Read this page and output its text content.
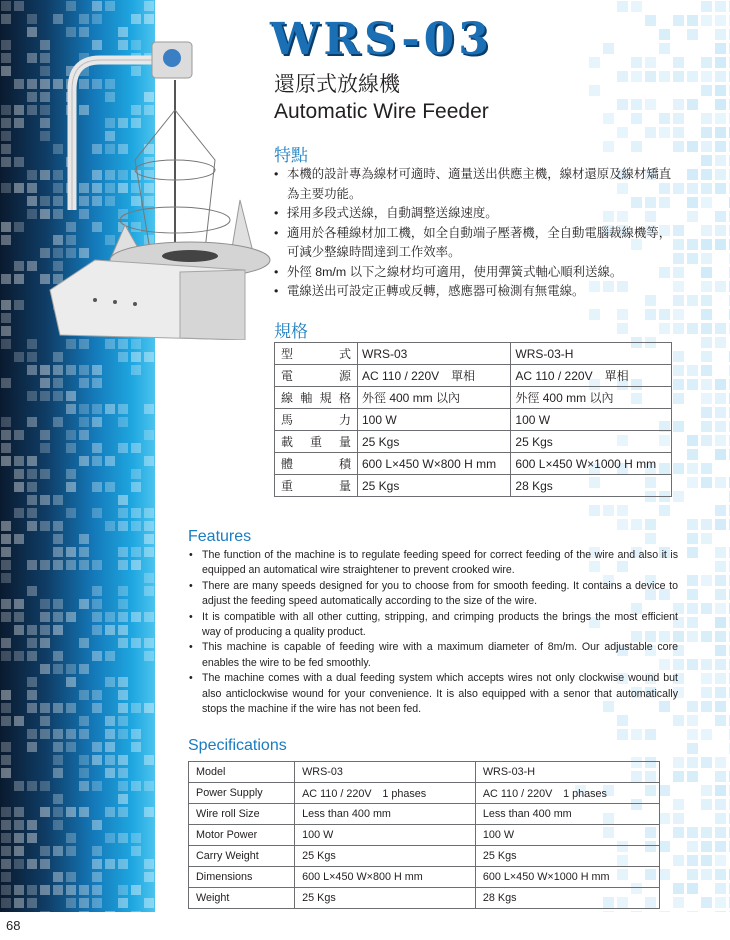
WRS-03
還原式放線機
Automatic Wire Feeder
特點
• 本機的設計專為線材可適時、適量送出供應主機，線材還原及線材矯直為主要功能。
• 採用多段式送線，自動調整送線速度。
• 適用於各種線材加工機，如全自動端子壓著機，全自動電腦裁線機等，可減少整線時間達到工作效率。
• 外徑 8m/m 以下之線材均可適用，使用彈簧式軸心順利送線。
• 電線送出可設定正轉或反轉，感應器可檢測有無電線。
規格
型式	WRS-03	WRS-03-H
電源	AC 110 / 220V　單相	AC 110 / 220V　單相
線軸規格	外徑 400 mm 以內	外徑 400 mm 以內
馬力	100 W	100 W
載重量	25 Kgs	25 Kgs
體積	600 L×450 W×800 H mm	600 L×450 W×1000 H mm
重量	25 Kgs	28 Kgs
Features
• The function of the machine is to regulate feeding speed for correct feeding of the wire and also it is equipped an automatical wire straightener to prevent crooked wire.
• There are many speeds designed for you to choose from for smooth feeding. It contains a device to adjust the feeding speed automatically according to the size of the wire.
• It is compatible with all other cutting, stripping, and crimping products the brings the most efficient way of producing a quality product.
• This machine is capable of feeding wire with a maximum diameter of 8m/m. Our adjustable core enables the wire to be fed smoothly.
• The machine comes with a dual feeding system which accepts wires not only clockwise wound but also anticlockwise wound for your convenience. It is also equipped with a senor that automatically stops the machine if the wire has not been fed.
Specifications
Model	WRS-03	WRS-03-H
Power Supply	AC 110 / 220V　1 phases	AC 110 / 220V　1 phases
Wire roll Size	Less than 400 mm	Less than 400 mm
Motor Power	100 W	100 W
Carry Weight	25 Kgs	25 Kgs
Dimensions	600 L×450 W×800 H mm	600 L×450 W×1000 H mm
Weight	25 Kgs	28 Kgs
68
